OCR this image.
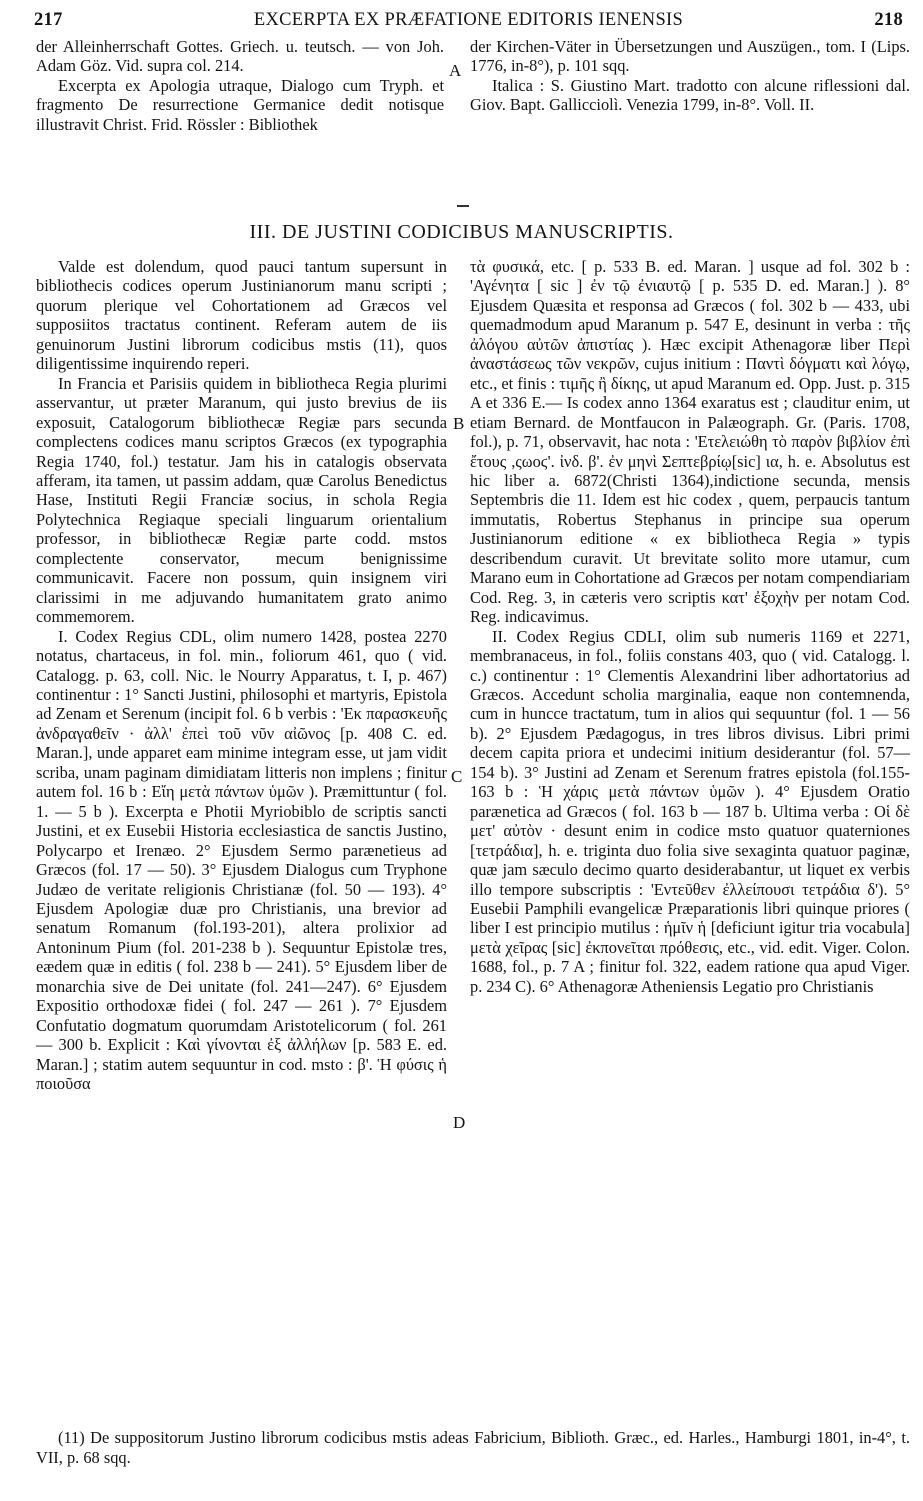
217	EXCERPTA EX PRÆFATIONE EDITORIS IENENSIS	218

der Alleinherrschaft Gottes. Griech. u. teutsch. — von Joh. Adam Göz. Vid. supra col. 214.

Excerpta ex Apologia utraque, Dialogo cum Tryph. et fragmento De resurrectione Germanice dedit notisque illustravit Christ. Frid. Rössler : Bibliothek

der Kirchen-Väter in Übersetzungen und Auszügen., tom. I (Lips. 1776, in-8°), p. 101 sqq.

Italica : S. Giustino Mart. tradotto con alcune riflessioni dal. Giov. Bapt. Gallicciolì. Venezia 1799, in-8°. Voll. II.

III. DE JUSTINI CODICIBUS MANUSCRIPTIS.

Valde est dolendum, quod pauci tantum supersunt in bibliothecis codices operum Justinianorum manu scripti ; quorum plerique vel Cohortationem ad Græcos vel supposiitos tractatus continent. Referam autem de iis genuinorum Justini librorum codicibus mstis (11), quos diligentissime inquirendo reperi.

In Francia et Parisiis quidem in bibliotheca Regia plurimi asservantur, ut præter Maranum, qui justo brevius de iis exposuit, Catalogorum bibliothecæ Regiæ pars secunda complectens codices manu scriptos Græcos (ex typographia Regia 1740, fol.) testatur. Jam his in catalogis observata afferam, ita tamen, ut passim addam, quæ Carolus Benedictus Hase, Instituti Regii Franciæ socius, in schola Regia Polytechnica Regiaque speciali linguarum orientalium professor, in bibliothecæ Regiæ parte codd. mstos complectente conservator, mecum benignissime communicavit. Facere non possum, quin insignem viri clarissimi in me adjuvando humanitatem grato animo commemorem.

I. Codex Regius CDL, olim numero 1428, postea 2270 notatus, chartaceus, in fol. min., foliorum 461, quo ( vid. Catalogg. p. 63, coll. Nic. le Nourry Apparatus, t. I, p. 467) continentur : 1° Sancti Justini, philosophi et martyris, Epistola ad Zenam et Serenum (incipit fol. 6 b verbis : 'Εκ παρασκευῆς ἀνδραγαθεῖν · ἀλλ' ἐπεὶ τοῦ νῦν αἰῶνος [p. 408 C. ed. Maran.], unde apparet eam minime integram esse, ut jam vidit scriba, unam paginam dimidiatam litteris non implens ; finitur autem fol. 16 b : Εἴη μετὰ πάντων ὑμῶν ). Præmittuntur ( fol. 1. — 5 b ). Excerpta e Photii Myriobiblo de scriptis sancti Justini, et ex Eusebii Historia ecclesiastica de sanctis Justino, Polycarpo et Irenæo. 2° Ejusdem Sermo parænetieus ad Græcos (fol. 17 — 50). 3° Ejusdem Dialogus cum Tryphone Judæo de veritate religionis Christianæ (fol. 50 — 193). 4° Ejusdem Apologiæ duæ pro Christianis, una brevior ad senatum Romanum (fol.193-201), altera prolixior ad Antoninum Pium (fol. 201-238 b ). Sequuntur Epistolæ tres, eædem quæ in editis ( fol. 238 b — 241). 5° Ejusdem liber de monarchia sive de Dei unitate (fol. 241—247). 6° Ejusdem Expositio orthodoxæ fidei ( fol. 247 — 261 ). 7° Ejusdem Confutatio dogmatum quorumdam Aristotelicorum ( fol. 261 — 300 b. Explicit : Καὶ γίνονται ἐξ ἀλλήλων [p. 583 E. ed. Maran.] ; statim autem sequuntur in cod. msto : β'. Ἡ φύσις ἡ ποιοῦσα

τὰ φυσικά, etc. [ p. 533 B. ed. Maran. ] usque ad fol. 302 b : 'Αγένητα [ sic ] ἐν τῷ ἐνιαυτῷ [ p. 535 D. ed. Maran.] ). 8° Ejusdem Quæsita et responsa ad Græcos ( fol. 302 b — 433, ubi quemadmodum apud Maranum p. 547 E, desinunt in verba : τῆς ἀλόγου αὐτῶν ἀπιστίας ). Hæc excipit Athenagoræ liber Περὶ ἀναστάσεως τῶν νεκρῶν, cujus initium : Παντὶ δόγματι καὶ λόγῳ, etc., et finis : τιμῆς ἢ δίκης, ut apud Maranum ed. Opp. Just. p. 315 A et 336 E.— Is codex anno 1364 exaratus est ; clauditur enim, ut etiam Bernard. de Montfaucon in Palæograph. Gr. (Paris. 1708, fol.), p. 71, observavit, hac nota : 'Ετελειώθη τὸ παρὸν βιβλίον ἐπὶ ἔτους ,ςωοϛ'. ἰνδ. β'. ἐν μηνὶ Σεπτεβρίῳ[sic] ια, h. e. Absolutus est hic liber a. 6872(Christi 1364),indictione secunda, mensis Septembris die 11. Idem est hic codex , quem, perpaucis tantum immutatis, Robertus Stephanus in principe sua operum Justinianorum editione « ex bibliotheca Regia » typis describendum curavit. Ut brevitate solito more utamur, cum Marano eum in Cohortatione ad Græcos per notam compendiariam Cod. Reg. 3, in cæteris vero scriptis κατ' ἐξοχὴν per notam Cod. Reg. indicavimus.

II. Codex Regius CDLI, olim sub numeris 1169 et 2271, membranaceus, in fol., foliis constans 403, quo ( vid. Catalogg. l. c.) continentur : 1° Clementis Alexandrini liber adhortatorius ad Græcos. Accedunt scholia marginalia, eaque non contemnenda, cum in huncce tractatum, tum in alios qui sequuntur (fol. 1 — 56 b). 2° Ejusdem Pædagogus, in tres libros divisus. Libri primi decem capita priora et undecimi initium desiderantur (fol. 57—154 b). 3° Justini ad Zenam et Serenum fratres epistola (fol.155-163 b : Ἡ χάρις μετὰ πάντων ὑμῶν ). 4° Ejusdem Oratio parænetica ad Græcos ( fol. 163 b — 187 b. Ultima verba : Οἱ δὲ μετ' αὐτὸν · desunt enim in codice msto quatuor quaterniones [τετράδια], h. e. triginta duo folia sive sexaginta quatuor paginæ, quæ jam sæculo decimo quarto desiderabantur, ut liquet ex verbis illo tempore subscriptis : 'Εντεῦθεν ἐλλείπουσι τετράδια δ'). 5° Eusebii Pamphili evangelicæ Præparationis libri quinque priores ( liber I est principio mutilus : ἡμῖν ἡ [deficiunt igitur tria vocabula] μετὰ χεῖρας [sic] ἐκπονεῖται πρόθεσις, etc., vid. edit. Viger. Colon. 1688, fol., p. 7 A ; finitur fol. 322, eadem ratione qua apud Viger. p. 234 C). 6° Athenagoræ Atheniensis Legatio pro Christianis

A
B
C
D

(11) De suppositorum Justino librorum codicibus mstis adeas Fabricium, Biblioth. Græc., ed. Harles., Hamburgi 1801, in-4°, t. VII, p. 68 sqq.
